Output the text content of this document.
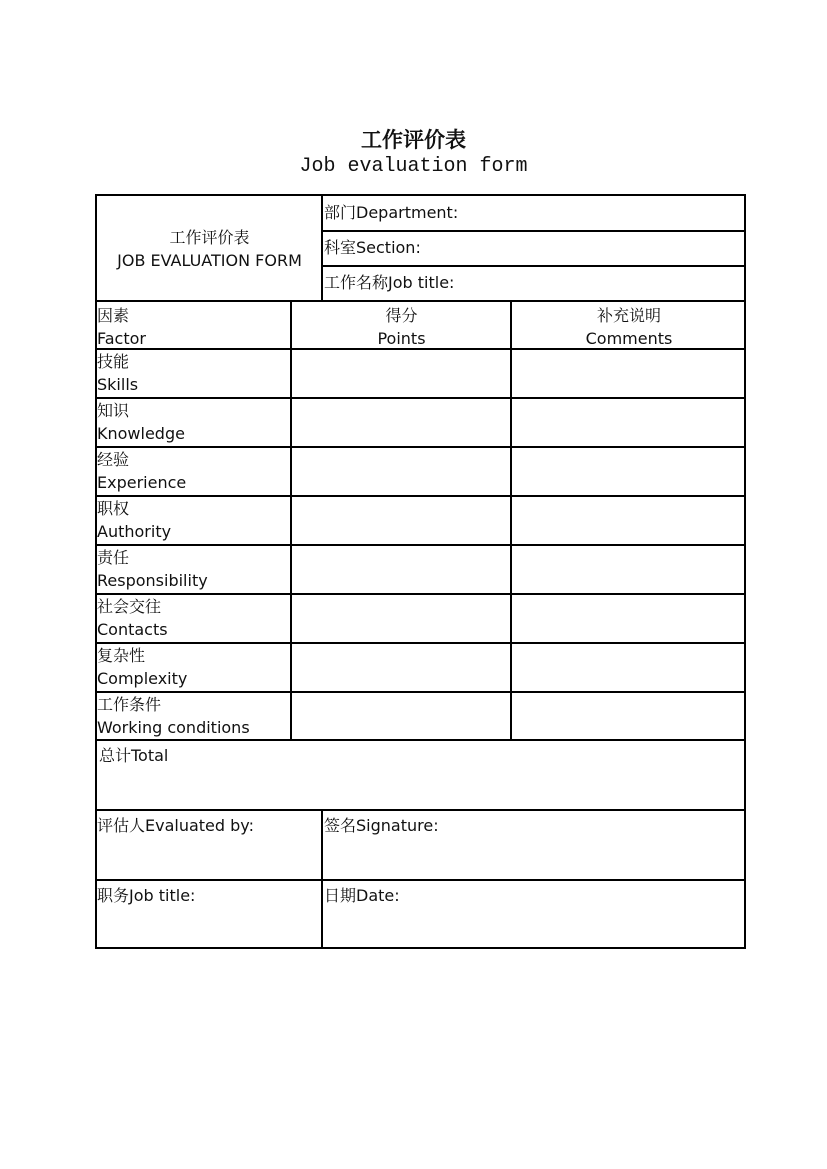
工作评价表
Job evaluation form
工作评价表
JOB EVALUATION FORM
部门Department:
科室Section:
工作名称Job title:
因素
Factor
得分
Points
补充说明
Comments
技能
Skills
知识
Knowledge
经验
Experience
职权
Authority
责任
Responsibility
社会交往
Contacts
复杂性
Complexity
工作条件
Working conditions
总计Total
评估人Evaluated by:	签名Signature:
职务Job title:	日期Date:
